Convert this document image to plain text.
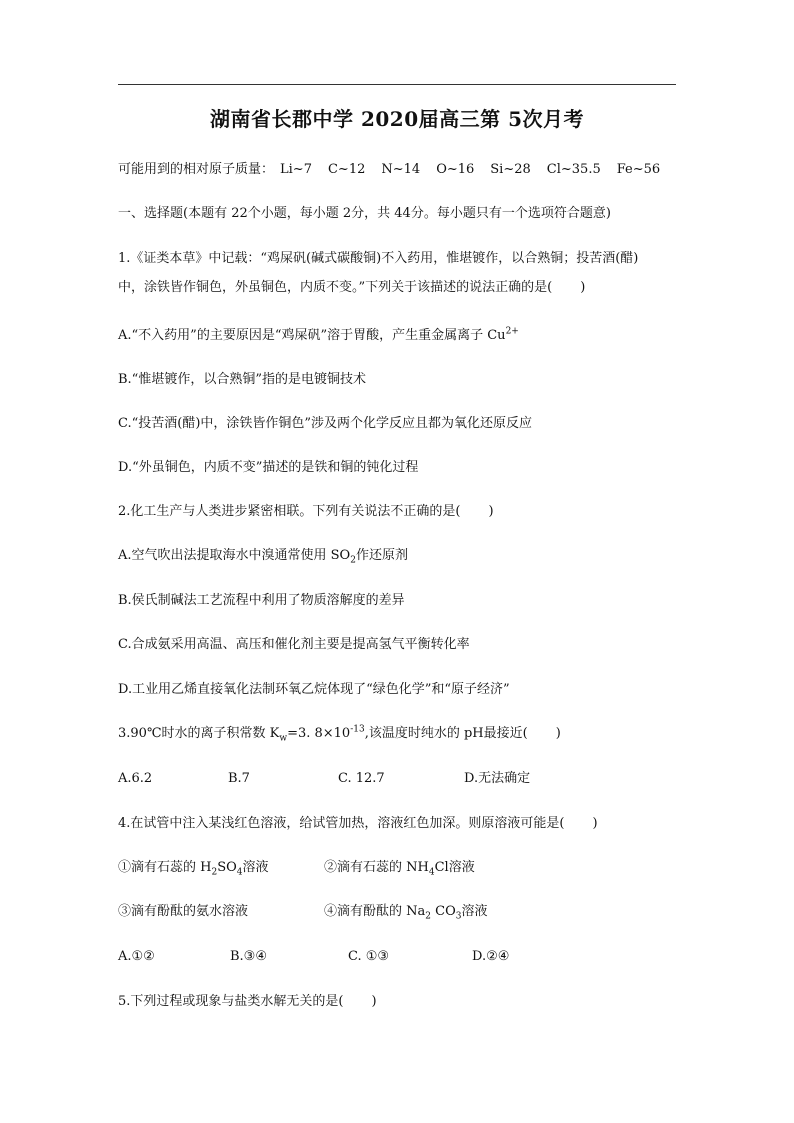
湖南省长郡中学 2020届高三第 5次月考
可能用到的相对原子质量： Li~7 C~12 N~14 O~16 Si~28 Cl~35.5 Fe~56
一、选择题(本题有 22个小题，每小题 2分，共 44分。每小题只有一个选项符合题意)
1.《证类本草》中记载：“鸡屎矾(碱式碳酸铜)不入药用，惟堪镀作，以合熟铜；投苦酒(醋)
中，涂铁皆作铜色，外虽铜色，内质不变。”下列关于该描述的说法正确的是( )
A.“不入药用”的主要原因是“鸡屎矾”溶于胃酸，产生重金属离子 $Cu^{2+}$
B.“惟堪镀作，以合熟铜”指的是电镀铜技术
C.“投苦酒(醋)中，涂铁皆作铜色”涉及两个化学反应且都为氧化还原反应
D.“外虽铜色，内质不变”描述的是铁和铜的钝化过程
2.化工生产与人类进步紧密相联。下列有关说法不正确的是( )
A.空气吹出法提取海水中溴通常使用 $SO_2$作还原剂
B.侯氏制碱法工艺流程中利用了物质溶解度的差异
C.合成氨采用高温、高压和催化剂主要是提高氢气平衡转化率
D.工业用乙烯直接氧化法制环氧乙烷体现了“绿色化学”和“原子经济”
3.90℃时水的离子积常数 $K_w=3$. $8\times 10^{-13}$,该温度时纯水的 pH最接近( )
A.6.2	B.7	C. 12.7	D.无法确定
4.在试管中注入某浅红色溶液，给试管加热，溶液红色加深。则原溶液可能是( )
①滴有石蕊的 $H_2SO_4$溶液	②滴有石蕊的 $NH_4Cl$溶液
③滴有酚酞的氨水溶液	④滴有酚酞的 $Na_2$ $CO_3$溶液
A.①②	B.③④	C. ①③	D.②④
5.下列过程或现象与盐类水解无关的是( )
